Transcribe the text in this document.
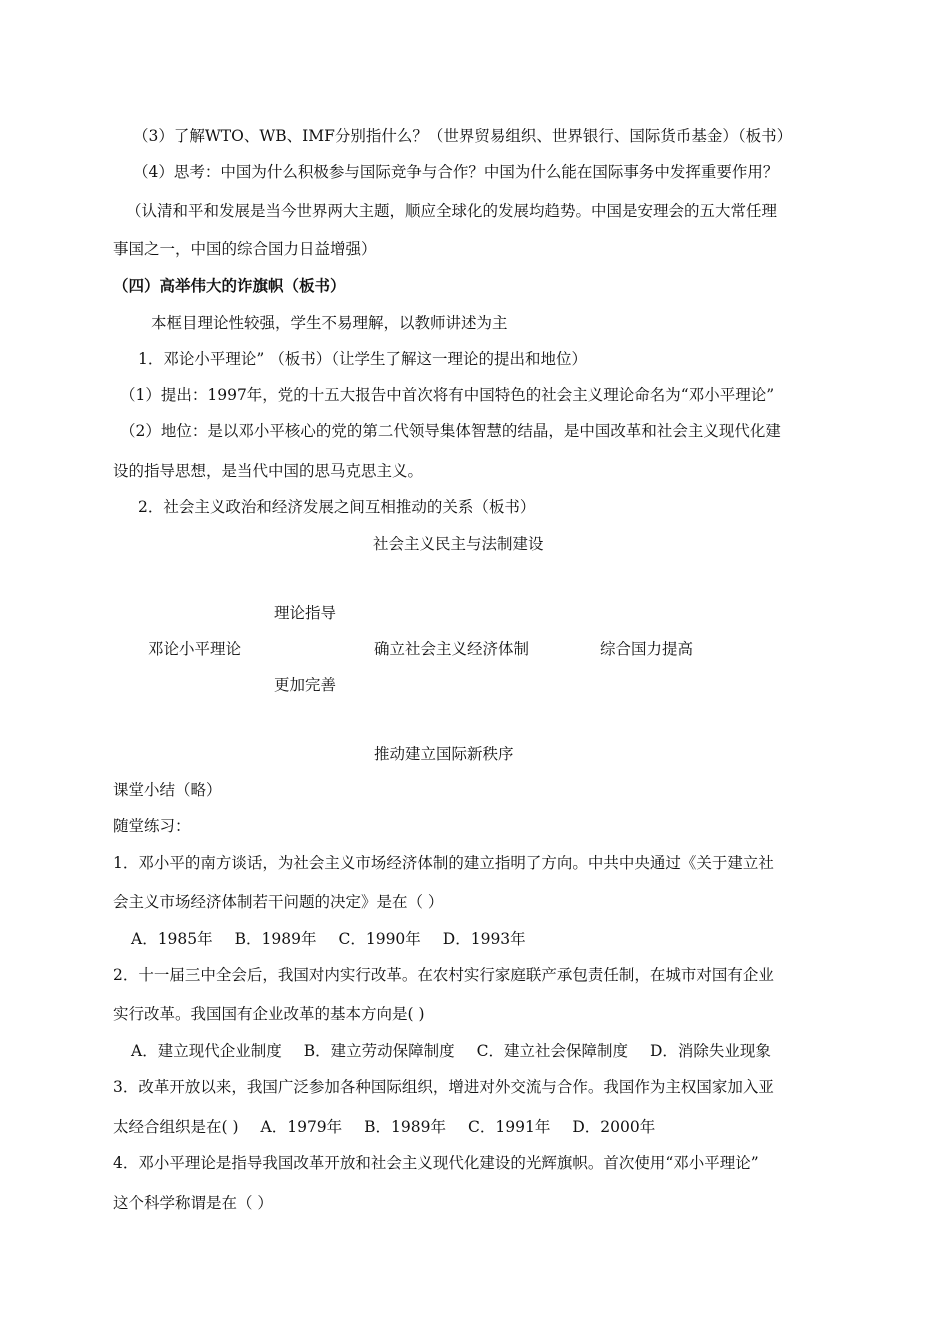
（3）了解WTO、WB、IMF分别指什么？（世界贸易组织、世界银行、国际货币基金）（板书）
（4）思考：中国为什么积极参与国际竞争与合作？中国为什么能在国际事务中发挥重要作用？
（认清和平和发展是当今世界两大主题，顺应全球化的发展均趋势。中国是安理会的五大常任理
事国之一，中国的综合国力日益增强）
（四）高举伟大的诈旗帜（板书）
本框目理论性较强，学生不易理解，以教师讲述为主
1．邓论小平理论” （板书）（让学生了解这一理论的提出和地位）
（1）提出：1997年，党的十五大报告中首次将有中国特色的社会主义理论命名为“邓小平理论”
（2）地位：是以邓小平核心的党的第二代领导集体智慧的结晶，是中国改革和社会主义现代化建
设的指导思想，是当代中国的思马克思主义。
2．社会主义政治和经济发展之间互相推动的关系（板书）
社会主义民主与法制建设
理论指导
邓论小平理论	确立社会主义经济体制	综合国力提高
更加完善
推动建立国际新秩序
课堂小结（略）
随堂练习：
1．邓小平的南方谈话，为社会主义市场经济体制的建立指明了方向。中共中央通过《关于建立社
会主义市场经济体制若干问题的决定》是在（ ）
A．1985年 B．1989年 C．1990年 D．1993年
2．十一届三中全会后，我国对内实行改革。在农村实行家庭联产承包责任制，在城市对国有企业
实行改革。我国国有企业改革的基本方向是( )
A．建立现代企业制度 B．建立劳动保障制度 C．建立社会保障制度 D．消除失业现象
3．改革开放以来，我国广泛参加各种国际组织，增进对外交流与合作。我国作为主权国家加入亚
太经合组织是在( ) A．1979年 B．1989年 C．1991年 D．2000年
4．邓小平理论是指导我国改革开放和社会主义现代化建设的光辉旗帜。首次使用“邓小平理论”
这个科学称谓是在（ ）
